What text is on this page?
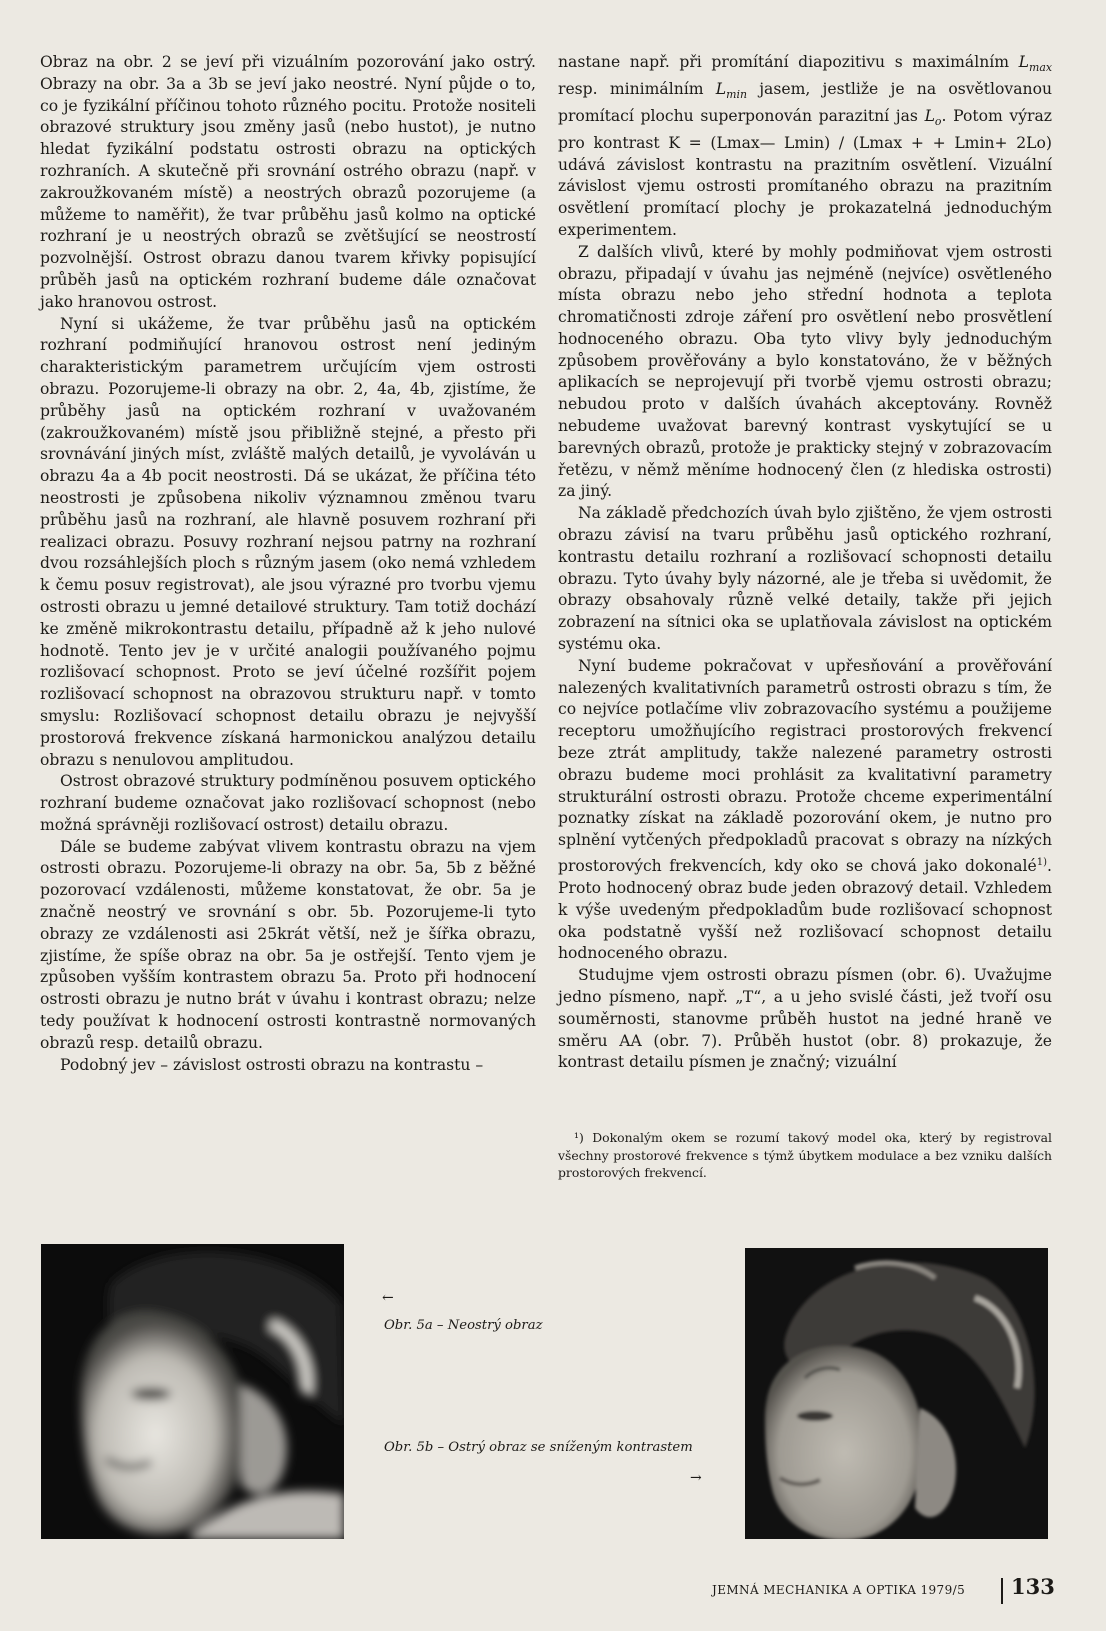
Obraz na obr. 2 se jeví při vizuálním pozorování jako ostrý. Obrazy na obr. 3a a 3b se jeví jako neostré. Nyní půjde o to, co je fyzikální příčinou tohoto různého pocitu. Protože nositeli obrazové struktury jsou změny jasů (nebo hustot), je nutno hledat fyzikální podstatu ostrosti obrazu na optických rozhraních. A skutečně při srovnání ostrého obrazu (např. v zakroužkovaném místě) a neostrých obrazů pozorujeme (a můžeme to naměřit), že tvar průběhu jasů kolmo na optické rozhraní je u neostrých obrazů se zvětšující se neostrostí pozvolnější. Ostrost obrazu danou tvarem křivky popisující průběh jasů na optickém rozhraní budeme dále označovat jako hranovou ostrost.

Nyní si ukážeme, že tvar průběhu jasů na optickém rozhraní podmiňující hranovou ostrost není jediným charakteristickým parametrem určujícím vjem ostrosti obrazu. Pozorujeme-li obrazy na obr. 2, 4a, 4b, zjistíme, že průběhy jasů na optickém rozhraní v uvažovaném (zakroužkovaném) místě jsou přibližně stejné, a přesto při srovnávání jiných míst, zvláště malých detailů, je vyvoláván u obrazu 4a a 4b pocit neostrosti. Dá se ukázat, že příčina této neostrosti je způsobena nikoliv významnou změnou tvaru průběhu jasů na rozhraní, ale hlavně posuvem rozhraní při realizaci obrazu. Posuvy rozhraní nejsou patrny na rozhraní dvou rozsáhlejších ploch s různým jasem (oko nemá vzhledem k čemu posuv registrovat), ale jsou výrazné pro tvorbu vjemu ostrosti obrazu u jemné detailové struktury. Tam totiž dochází ke změně mikrokontrastu detailu, případně až k jeho nulové hodnotě. Tento jev je v určité analogii používaného pojmu rozlišovací schopnost. Proto se jeví účelné rozšířit pojem rozlišovací schopnost na obrazovou strukturu např. v tomto smyslu: Rozlišovací schopnost detailu obrazu je nejvyšší prostorová frekvence získaná harmonickou analýzou detailu obrazu s nenulovou amplitudou.

Ostrost obrazové struktury podmíněnou posuvem optického rozhraní budeme označovat jako rozlišovací schopnost (nebo možná správněji rozlišovací ostrost) detailu obrazu.

Dále se budeme zabývat vlivem kontrastu obrazu na vjem ostrosti obrazu. Pozorujeme-li obrazy na obr. 5a, 5b z běžné pozorovací vzdálenosti, můžeme konstatovat, že obr. 5a je značně neostrý ve srovnání s obr. 5b. Pozorujeme-li tyto obrazy ze vzdálenosti asi 25krát větší, než je šířka obrazu, zjistíme, že spíše obraz na obr. 5a je ostřejší. Tento vjem je způsoben vyšším kontrastem obrazu 5a. Proto při hodnocení ostrosti obrazu je nutno brát v úvahu i kontrast obrazu; nelze tedy používat k hodnocení ostrosti kontrastně normovaných obrazů resp. detailů obrazu.

Podobný jev – závislost ostrosti obrazu na kontrastu –

nastane např. při promítání diapozitivu s maximálním $L_{max}$ resp. minimálním $L_{min}$ jasem, jestliže je na osvětlovanou promítací plochu superponován parazitní jas $L_o$. Potom výraz pro kontrast K = (Lmax— Lmin) / (Lmax + + Lmin+ 2Lo) udává závislost kontrastu na prazitním osvětlení. Vizuální závislost vjemu ostrosti promítaného obrazu na prazitním osvětlení promítací plochy je prokazatelná jednoduchým experimentem.

Z dalších vlivů, které by mohly podmiňovat vjem ostrosti obrazu, připadají v úvahu jas nejméně (nejvíce) osvětleného místa obrazu nebo jeho střední hodnota a teplota chromatičnosti zdroje záření pro osvětlení nebo prosvětlení hodnoceného obrazu. Oba tyto vlivy byly jednoduchým způsobem prověřovány a bylo konstatováno, že v běžných aplikacích se neprojevují při tvorbě vjemu ostrosti obrazu; nebudou proto v dalších úvahách akceptovány. Rovněž nebudeme uvažovat barevný kontrast vyskytující se u barevných obrazů, protože je prakticky stejný v zobrazovacím řetězu, v němž měníme hodnocený člen (z hlediska ostrosti) za jiný.

Na základě předchozích úvah bylo zjištěno, že vjem ostrosti obrazu závisí na tvaru průběhu jasů optického rozhraní, kontrastu detailu rozhraní a rozlišovací schopnosti detailu obrazu. Tyto úvahy byly názorné, ale je třeba si uvědomit, že obrazy obsahovaly různě velké detaily, takže při jejich zobrazení na sítnici oka se uplatňovala závislost na optickém systému oka.

Nyní budeme pokračovat v upřesňování a prověřování nalezených kvalitativních parametrů ostrosti obrazu s tím, že co nejvíce potlačíme vliv zobrazovacího systému a použijeme receptoru umožňujícího registraci prostorových frekvencí beze ztrát amplitudy, takže nalezené parametry ostrosti obrazu budeme moci prohlásit za kvalitativní parametry strukturální ostrosti obrazu. Protože chceme experimentální poznatky získat na základě pozorování okem, je nutno pro splnění vytčených předpokladů pracovat s obrazy na nízkých prostorových frekvencích, kdy oko se chová jako dokonalé$^{1)}$. Proto hodnocený obraz bude jeden obrazový detail. Vzhledem k výše uvedeným předpokladům bude rozlišovací schopnost oka podstatně vyšší než rozlišovací schopnost detailu hodnoceného obrazu.

Studujme vjem ostrosti obrazu písmen (obr. 6). Uvažujme jedno písmeno, např. „T“, a u jeho svislé části, jež tvoří osu souměrnosti, stanovme průběh hustot na jedné hraně ve směru AA (obr. 7). Průběh hustot (obr. 8) prokazuje, že kontrast detailu písmen je značný; vizuální

¹) Dokonalým okem se rozumí takový model oka, který by registroval všechny prostorové frekvence s týmž úbytkem modulace a bez vzniku dalších prostorových frekvencí.

←
Obr. 5a – Neostrý obraz
Obr. 5b – Ostrý obraz se sníženým kontrastem
→
JEMNÁ MECHANIKA A OPTIKA 1979/5 133
